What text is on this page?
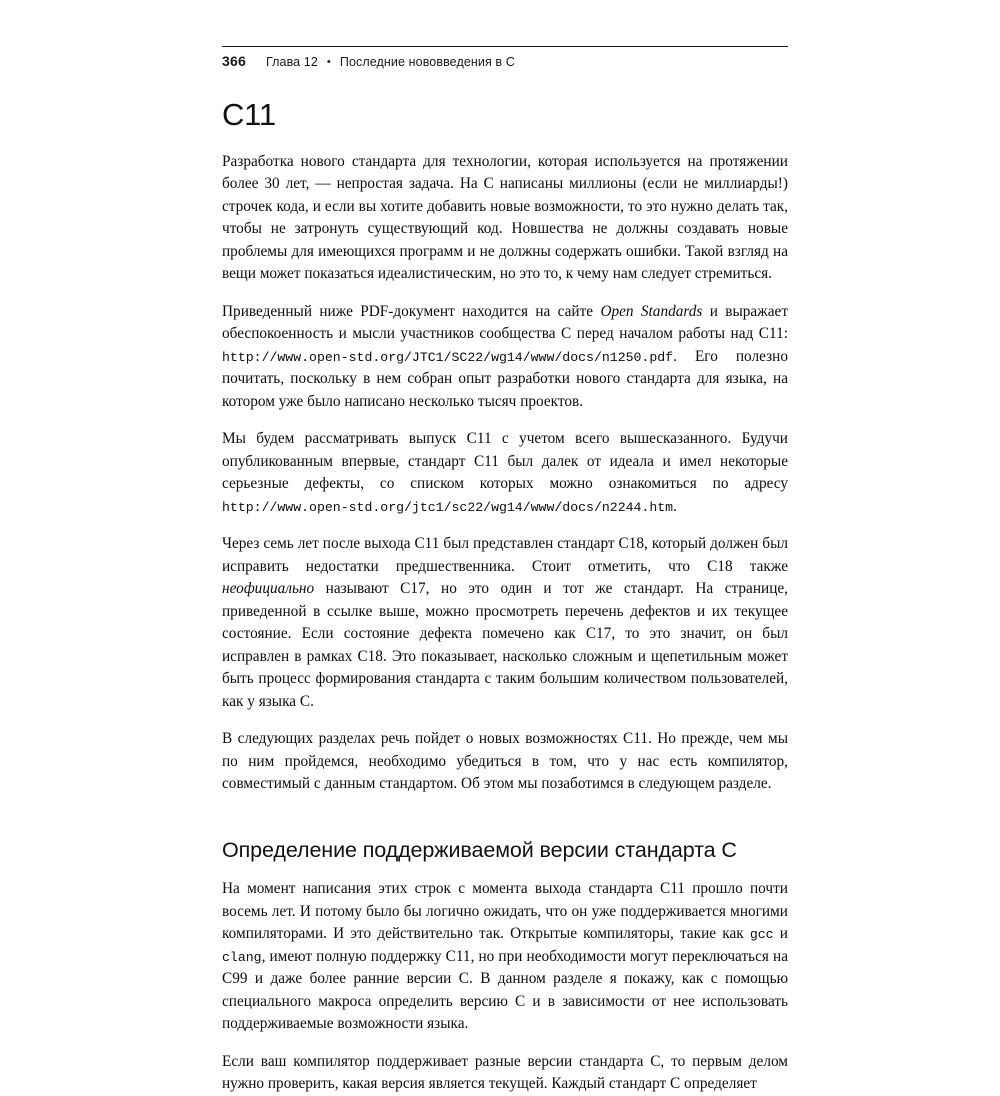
366 Глава 12 • Последние нововведения в C
C11

Разработка нового стандарта для технологии, которая используется на протяжении более 30 лет, — непростая задача. На C написаны миллионы (если не миллиарды!) строчек кода, и если вы хотите добавить новые возможности, то это нужно делать так, чтобы не затронуть существующий код. Новшества не должны создавать новые проблемы для имеющихся программ и не должны содержать ошибки. Такой взгляд на вещи может показаться идеалистическим, но это то, к чему нам следует стремиться.

Приведенный ниже PDF-документ находится на сайте Open Standards и выражает обеспокоенность и мысли участников сообщества C перед началом работы над C11: http://www.open-std.org/JTC1/SC22/wg14/www/docs/n1250.pdf. Его полезно почитать, поскольку в нем собран опыт разработки нового стандарта для языка, на котором уже было написано несколько тысяч проектов.

Мы будем рассматривать выпуск C11 с учетом всего вышесказанного. Будучи опубликованным впервые, стандарт C11 был далек от идеала и имел некоторые серьезные дефекты, со списком которых можно ознакомиться по адресу http://www.open-std.org/jtc1/sc22/wg14/www/docs/n2244.htm.

Через семь лет после выхода C11 был представлен стандарт C18, который должен был исправить недостатки предшественника. Стоит отметить, что C18 также неофициально называют C17, но это один и тот же стандарт. На странице, приведенной в ссылке выше, можно просмотреть перечень дефектов и их текущее состояние. Если состояние дефекта помечено как C17, то это значит, он был исправлен в рамках C18. Это показывает, насколько сложным и щепетильным может быть процесс формирования стандарта с таким большим количеством пользователей, как у языка C.

В следующих разделах речь пойдет о новых возможностях C11. Но прежде, чем мы по ним пройдемся, необходимо убедиться в том, что у нас есть компилятор, совместимый с данным стандартом. Об этом мы позаботимся в следующем разделе.

Определение поддерживаемой версии стандарта C

На момент написания этих строк с момента выхода стандарта C11 прошло почти восемь лет. И потому было бы логично ожидать, что он уже поддерживается многими компиляторами. И это действительно так. Открытые компиляторы, такие как gcc и clang, имеют полную поддержку C11, но при необходимости могут переключаться на C99 и даже более ранние версии C. В данном разделе я покажу, как с помощью специального макроса определить версию C и в зависимости от нее использовать поддерживаемые возможности языка.

Если ваш компилятор поддерживает разные версии стандарта C, то первым делом нужно проверить, какая версия является текущей. Каждый стандарт C определяет
